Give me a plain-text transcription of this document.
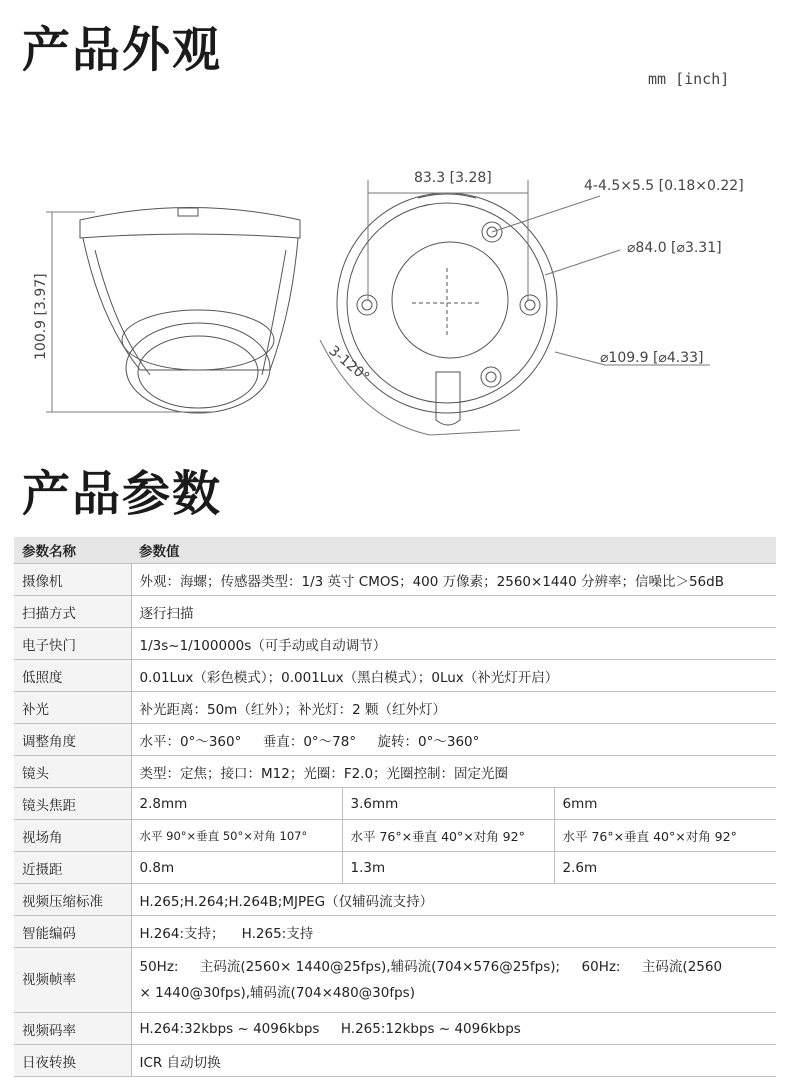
产品外观
mm [inch]
100.9 [3.97]
83.3 [3.28]	4-4.5×5.5 [0.18×0.22]
⌀84.0 [⌀3.31]
⌀109.9 [⌀4.33]
3-120°
产品参数
参数名称	参数值		
摄像机	外观：海螺；传感器类型：1/3 英寸 CMOS；400 万像素；2560×1440 分辨率；信噪比＞56dB		
扫描方式	逐行扫描		
电子快门	1/3s~1/100000s（可手动或自动调节）		
低照度	0.01Lux（彩色模式）；0.001Lux（黑白模式）；0Lux（补光灯开启）		
补光	补光距离：50m（红外）；补光灯：2 颗（红外灯）		
调整角度	水平：0°～360°     垂直：0°～78°     旋转：0°～360°		
镜头	类型：定焦；接口：M12；光圈：F2.0；光圈控制：固定光圈		
镜头焦距	2.8mm	3.6mm	6mm
视场角	水平 90°×垂直 50°×对角 107°	水平 76°×垂直 40°×对角 92°	水平 76°×垂直 40°×对角 92°
近摄距	0.8m	1.3m	2.6m
视频压缩标准	H.265;H.264;H.264B;MJPEG（仅辅码流支持）		
智能编码	H.264:支持；    H.265:支持		
视频帧率	50Hz:     主码流(2560× 1440@25fps),辅码流(704×576@25fps);     60Hz:     主码流(2560
× 1440@30fps),辅码流(704×480@30fps)		

视频码率	H.264:32kbps ~ 4096kbps     H.265:12kbps ~ 4096kbps		
日夜转换	ICR 自动切换		
